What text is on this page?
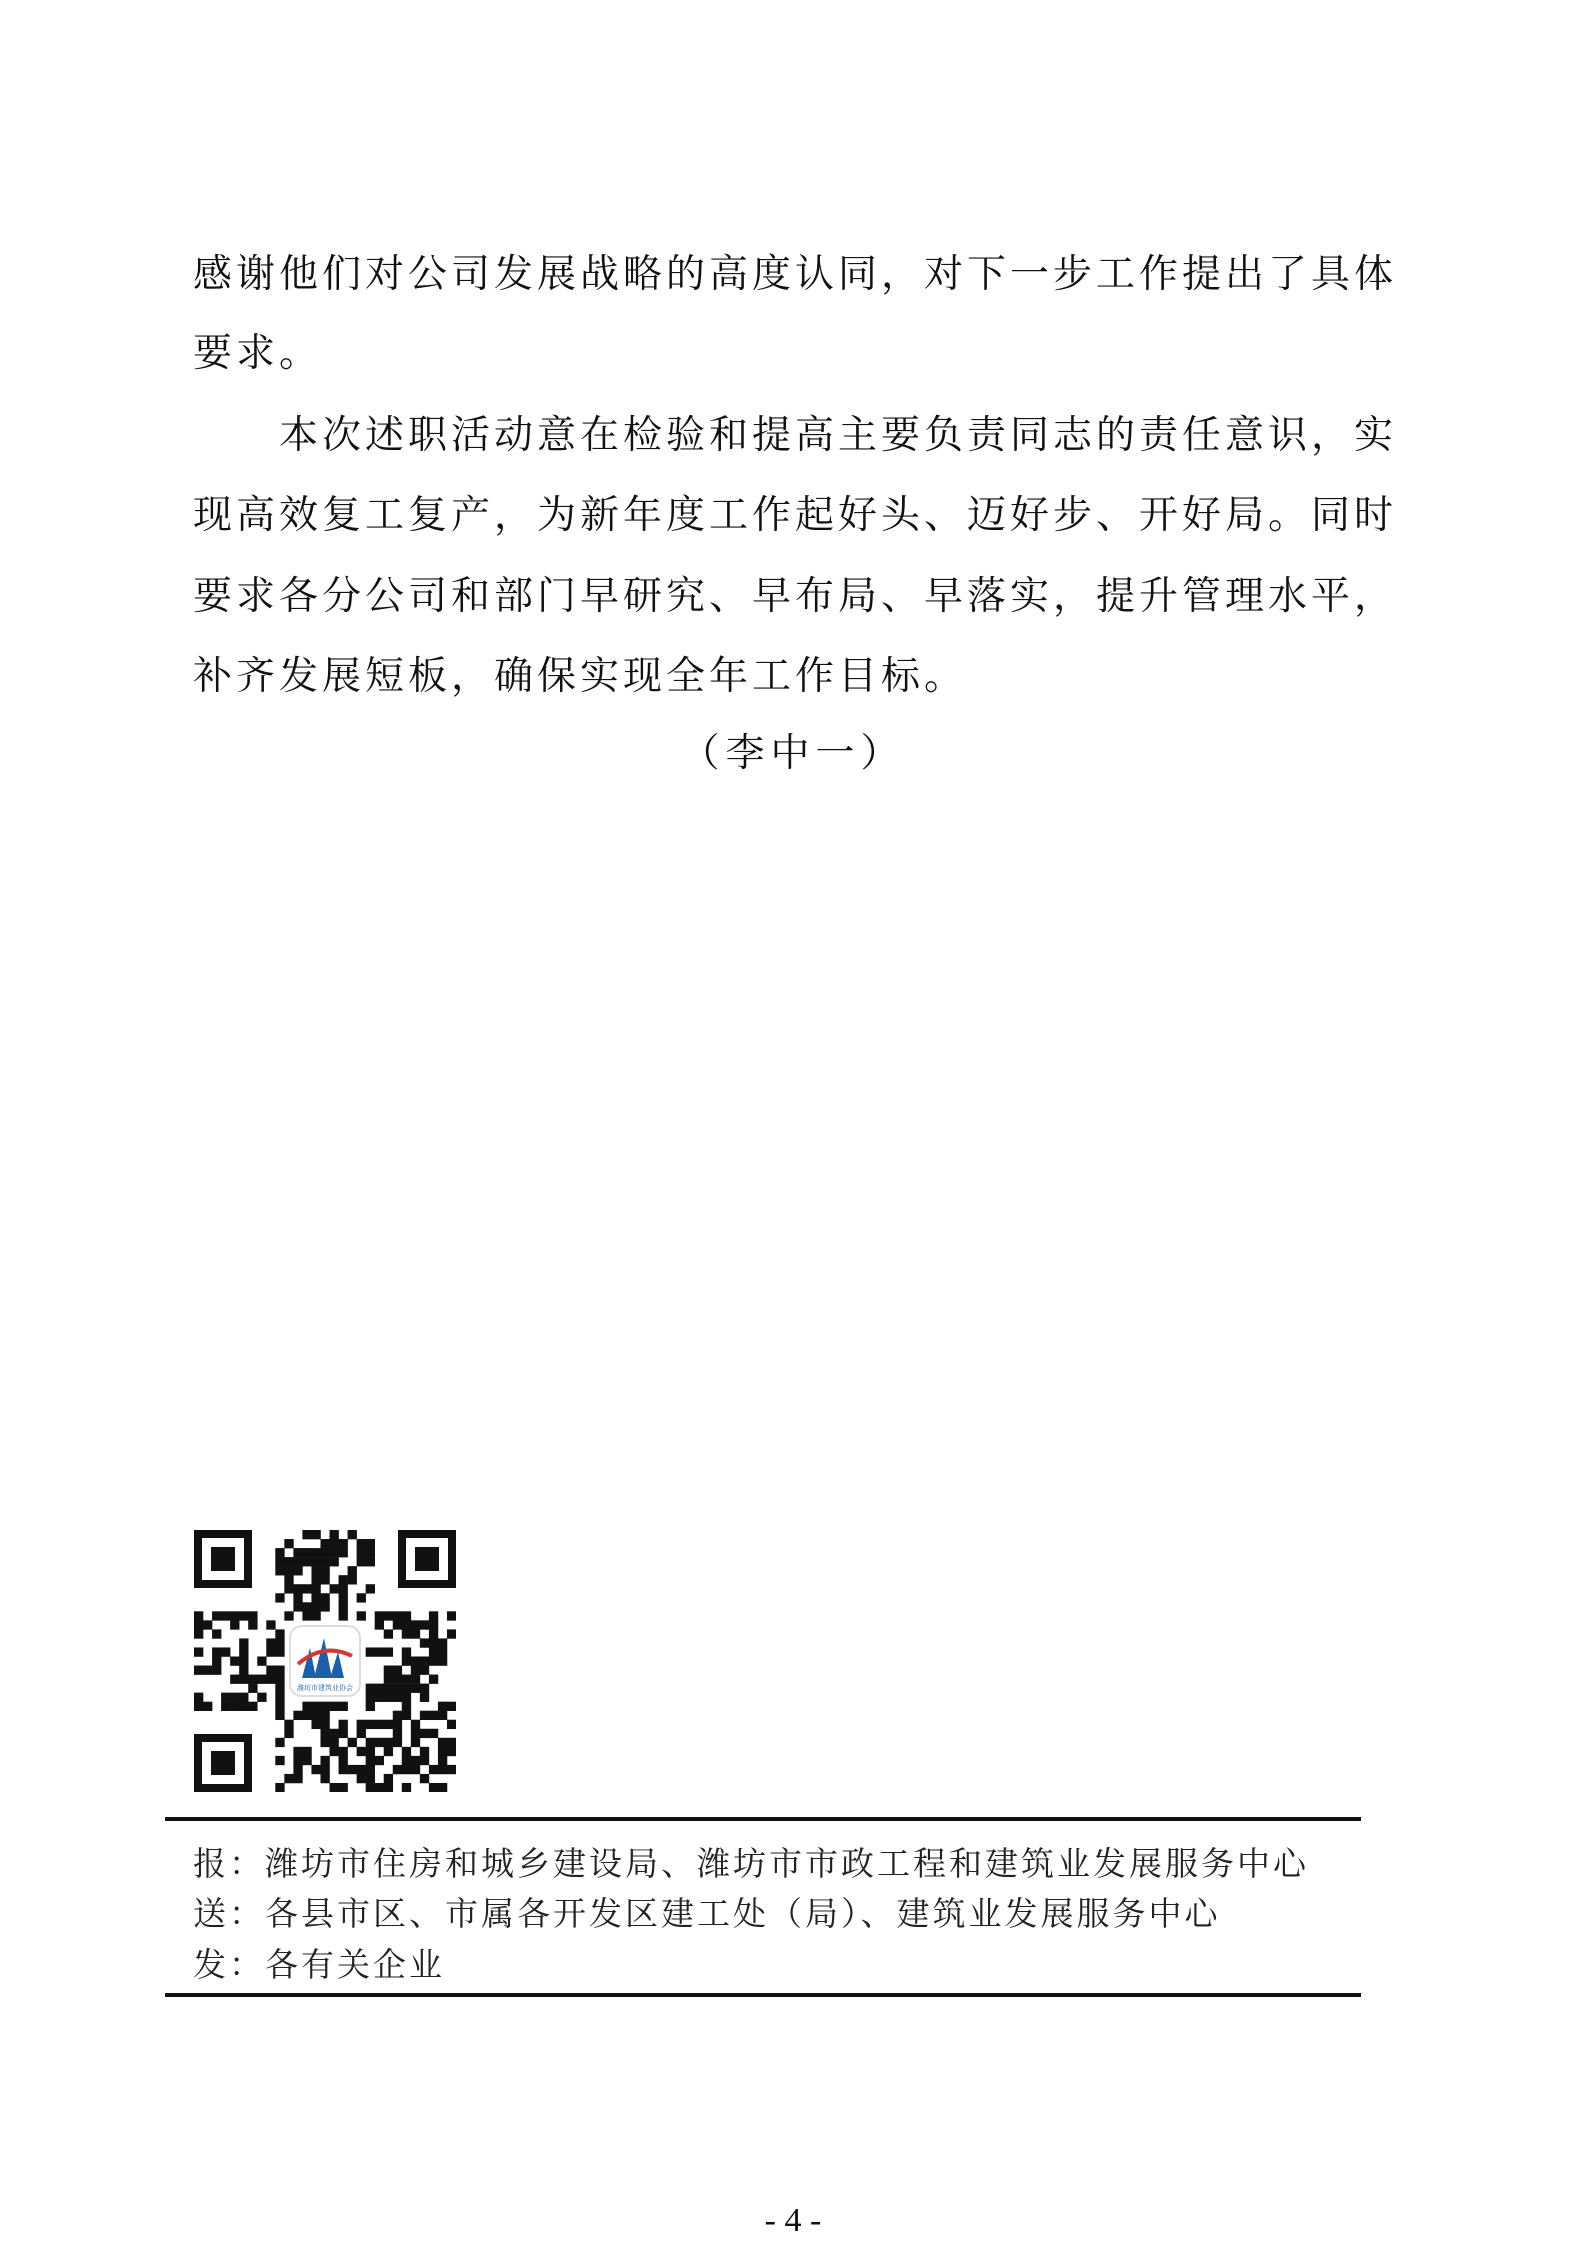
感谢他们对公司发展战略的高度认同，对下一步工作提出了具体
要求。
　　本次述职活动意在检验和提高主要负责同志的责任意识，实
现高效复工复产，为新年度工作起好头、迈好步、开好局。同时
要求各分公司和部门早研究、早布局、早落实，提升管理水平，
补齐发展短板，确保实现全年工作目标。
（李中一）
潍坊市建筑业协会
报：潍坊市住房和城乡建设局、潍坊市市政工程和建筑业发展服务中心
送：各县市区、市属各开发区建工处（局）、建筑业发展服务中心
发：各有关企业
- 4 -
